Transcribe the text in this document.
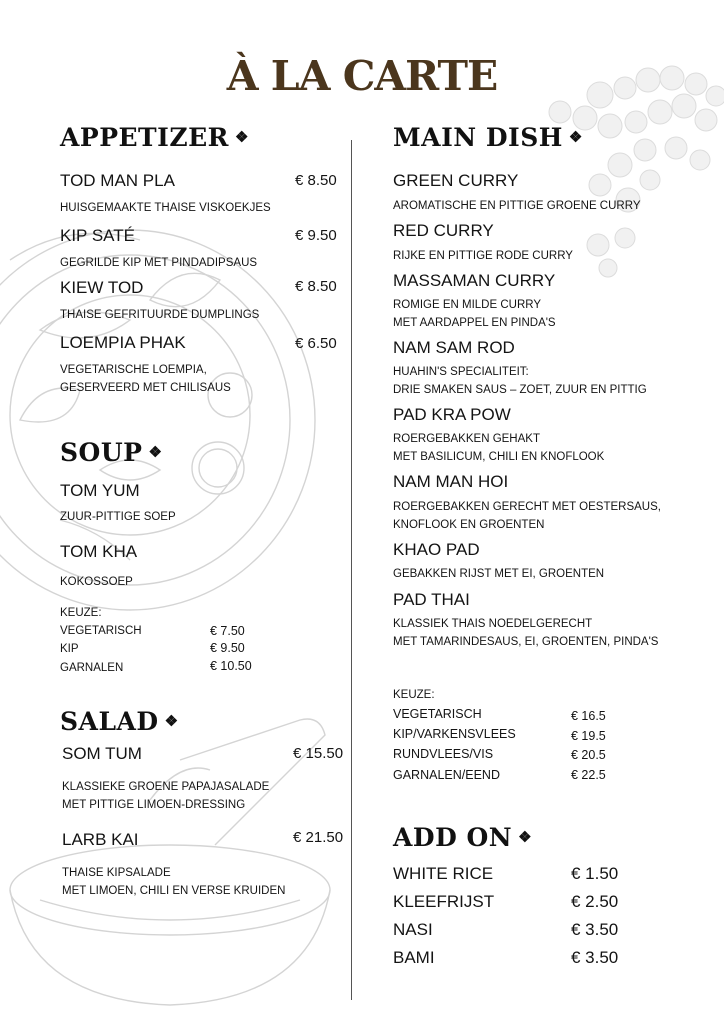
À LA CARTE
APPETIZER ❖
TOD MAN PLA	€ 8.50
HUISGEMAAKTE THAISE VISKOEKJES
KIP SATÉ	€ 9.50
GEGRILDE KIP MET PINDADIPSAUS
KIEW TOD	€ 8.50
THAISE GEFRITUURDE DUMPLINGS
LOEMPIA PHAK	€ 6.50
VEGETARISCHE LOEMPIA,
GESERVEERD MET CHILISAUS
SOUP ❖
TOM YUM
ZUUR-PITTIGE SOEP
TOM KHA
KOKOSSOEP
KEUZE:
VEGETARISCH	€ 7.50
KIP	€ 9.50
GARNALEN	€ 10.50
SALAD ❖
SOM TUM	€ 15.50
KLASSIEKE GROENE PAPAJASALADE
MET PITTIGE LIMOEN-DRESSING
LARB KAI	€ 21.50
THAISE KIPSALADE
MET LIMOEN, CHILI EN VERSE KRUIDEN
MAIN DISH ❖
GREEN CURRY
AROMATISCHE EN PITTIGE GROENE CURRY
RED CURRY
RIJKE EN PITTIGE RODE CURRY
MASSAMAN CURRY
ROMIGE EN MILDE CURRY
MET AARDAPPEL EN PINDA'S
NAM SAM ROD
HUAHIN'S SPECIALITEIT:
DRIE SMAKEN SAUS – ZOET, ZUUR EN PITTIG
PAD KRA POW
ROERGEBAKKEN GEHAKT
MET BASILICUM, CHILI EN KNOFLOOK
NAM MAN HOI
ROERGEBAKKEN GERECHT MET OESTERSAUS,
KNOFLOOK EN GROENTEN
KHAO PAD
GEBAKKEN RIJST MET EI, GROENTEN
PAD THAI
KLASSIEK THAIS NOEDELGERECHT
MET TAMARINDESAUS, EI, GROENTEN, PINDA'S
KEUZE:
VEGETARISCH	€ 16.5
KIP/VARKENSVLEES	€ 19.5
RUNDVLEES/VIS	€ 20.5
GARNALEN/EEND	€ 22.5
ADD ON ❖
WHITE RICE	€ 1.50
KLEEFRIJST	€ 2.50
NASI	€ 3.50
BAMI	€ 3.50
